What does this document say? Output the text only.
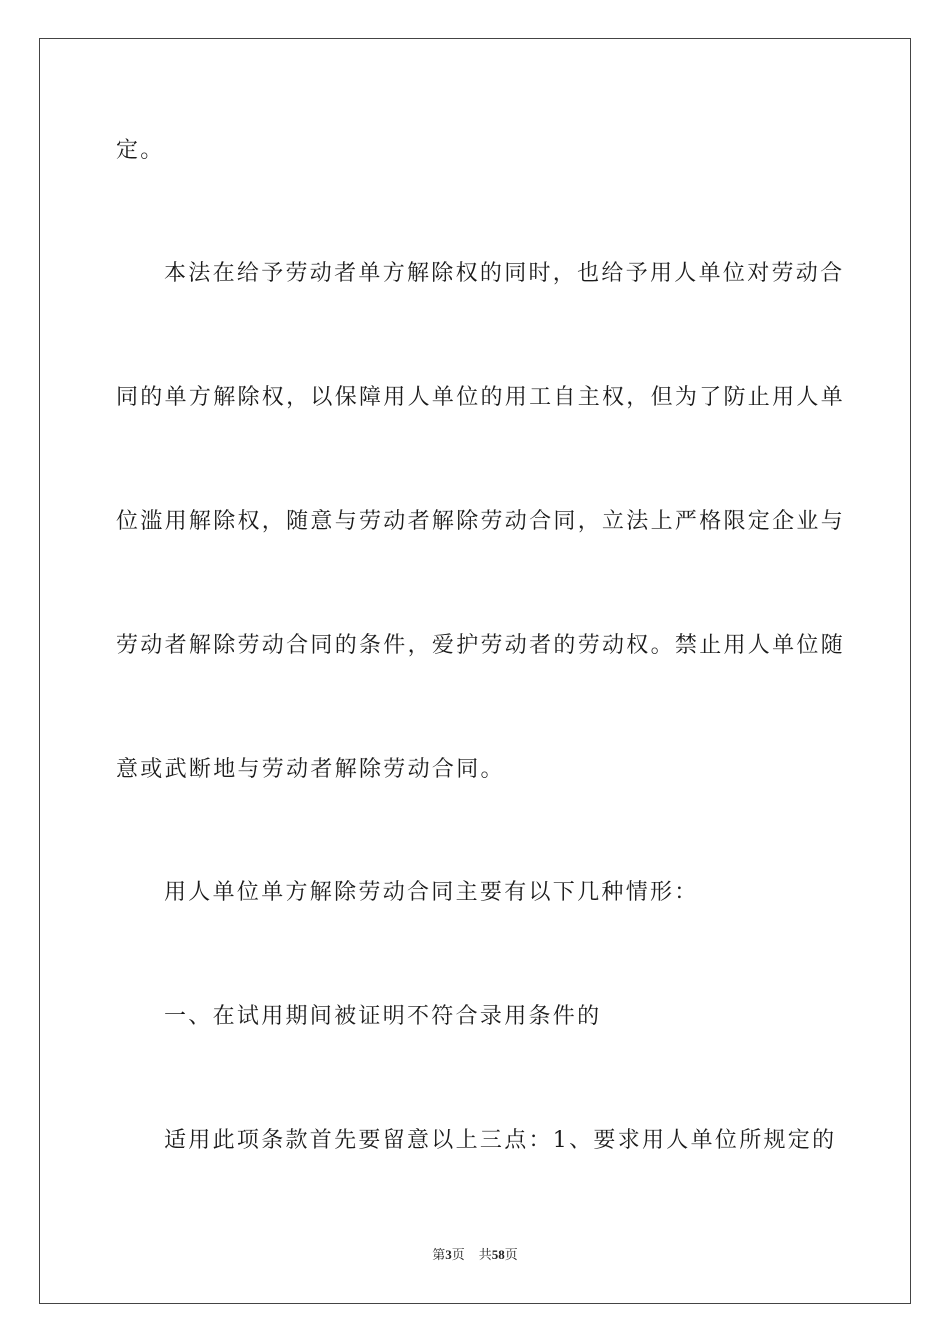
定。
本法在给予劳动者单方解除权的同时，也给予用人单位对劳动合
同的单方解除权，以保障用人单位的用工自主权，但为了防止用人单
位滥用解除权，随意与劳动者解除劳动合同，立法上严格限定企业与
劳动者解除劳动合同的条件，爱护劳动者的劳动权。禁止用人单位随
意或武断地与劳动者解除劳动合同。
用人单位单方解除劳动合同主要有以下几种情形：
一、在试用期间被证明不符合录用条件的
适用此项条款首先要留意以上三点：1、要求用人单位所规定的
第3页 共58页
